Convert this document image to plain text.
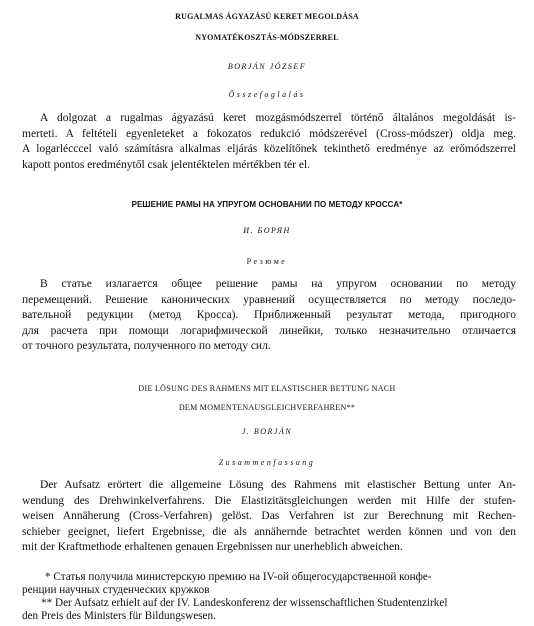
RUGALMAS ÁGYAZÁSÚ KERET MEGOLDÁSA
NYOMATÉKOSZTÁS-MÓDSZERREL
BORJÁN JÓZSEF
Összefoglalás
A dolgozat a rugalmas ágyazású keret mozgásmódszerrel történő általános megoldását is-
merteti. A feltételi egyenleteket a fokozatos redukció módszerével (Cross-módszer) oldja meg.
A logarlécccel való számításra alkalmas eljárás közelítőnek tekinthető eredménye az erőmódszerrel
kapott pontos eredménytől csak jelentéktelen mértékben tér el.
РЕШЕНИЕ РАМЫ НА УПРУГОМ ОСНОВАНИИ ПО МЕТОДУ КРОССА*
И. БОРЯН
Резюме
В статье излагается общее решение рамы на упругом основании по методу
перемещений. Решение канонических уравнений осуществляется по методу последо-
вательной редукции (метод Кросса). Приближенный результат метода, пригодного
для расчета при помощи логарифмической линейки, только незначительно отличается
от точного результата, полученного по методу сил.
DIE LÖSUNG DES RAHMENS MIT ELASTISCHER BETTUNG NACH
DEM MOMENTENAUSGLEICHVERFAHREN**
J. BORJÁN
Zusammenfassung
Der Aufsatz erörtert die allgemeine Lösung des Rahmens mit elastischer Bettung unter An-
wendung des Drehwinkelverfahrens. Die Elastizitätsgleichungen werden mit Hilfe der stufen-
weisen Annäherung (Cross-Verfahren) gelöst. Das Verfahren ist zur Berechnung mit Rechen-
schieber geeignet, liefert Ergebnisse, die als annähernde betrachtet werden können und von den
mit der Kraftmethode erhaltenen genauen Ergebnissen nur unerheblich abweichen.
* Статья получила министерскую премию на IV-ой общегосударственной конфе-
ренции научных студенческих кружков
** Der Aufsatz erhielt auf der IV. Landeskonferenz der wissenschaftlichen Studentenzirkel
den Preis des Ministers für Bildungswesen.
